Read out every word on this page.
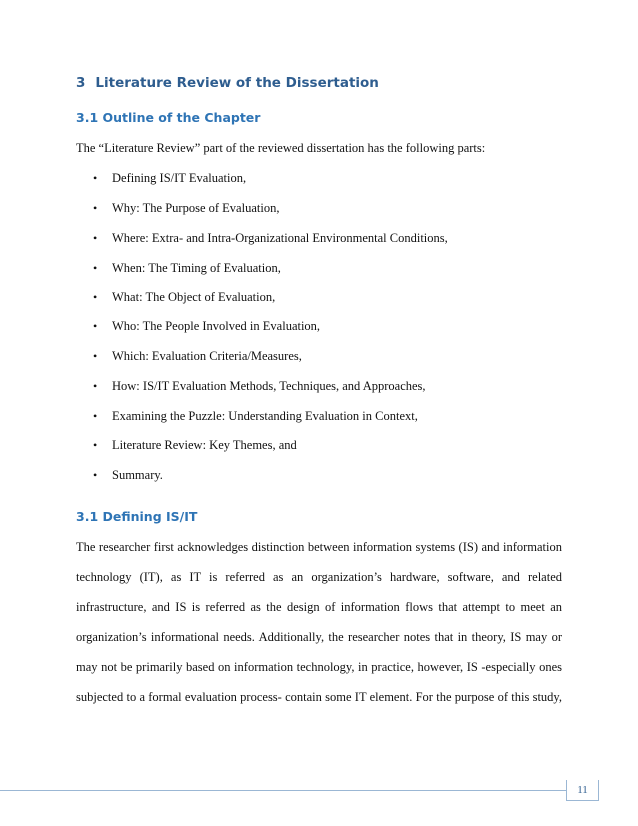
3 Literature Review of the Dissertation
3.1 Outline of the Chapter
The “Literature Review” part of the reviewed dissertation has the following parts:
• Defining IS/IT Evaluation,
• Why: The Purpose of Evaluation,
• Where: Extra- and Intra-Organizational Environmental Conditions,
• When: The Timing of Evaluation,
• What: The Object of Evaluation,
• Who: The People Involved in Evaluation,
• Which: Evaluation Criteria/Measures,
• How: IS/IT Evaluation Methods, Techniques, and Approaches,
• Examining the Puzzle: Understanding Evaluation in Context,
• Literature Review: Key Themes, and
• Summary.
3.1 Defining IS/IT
The researcher first acknowledges distinction between information systems (IS) and information
technology (IT), as IT is referred as an organization’s hardware, software, and related
infrastructure, and IS is referred as the design of information flows that attempt to meet an
organization’s informational needs. Additionally, the researcher notes that in theory, IS may or
may not be primarily based on information technology, in practice, however, IS -especially ones
subjected to a formal evaluation process- contain some IT element. For the purpose of this study,
11
